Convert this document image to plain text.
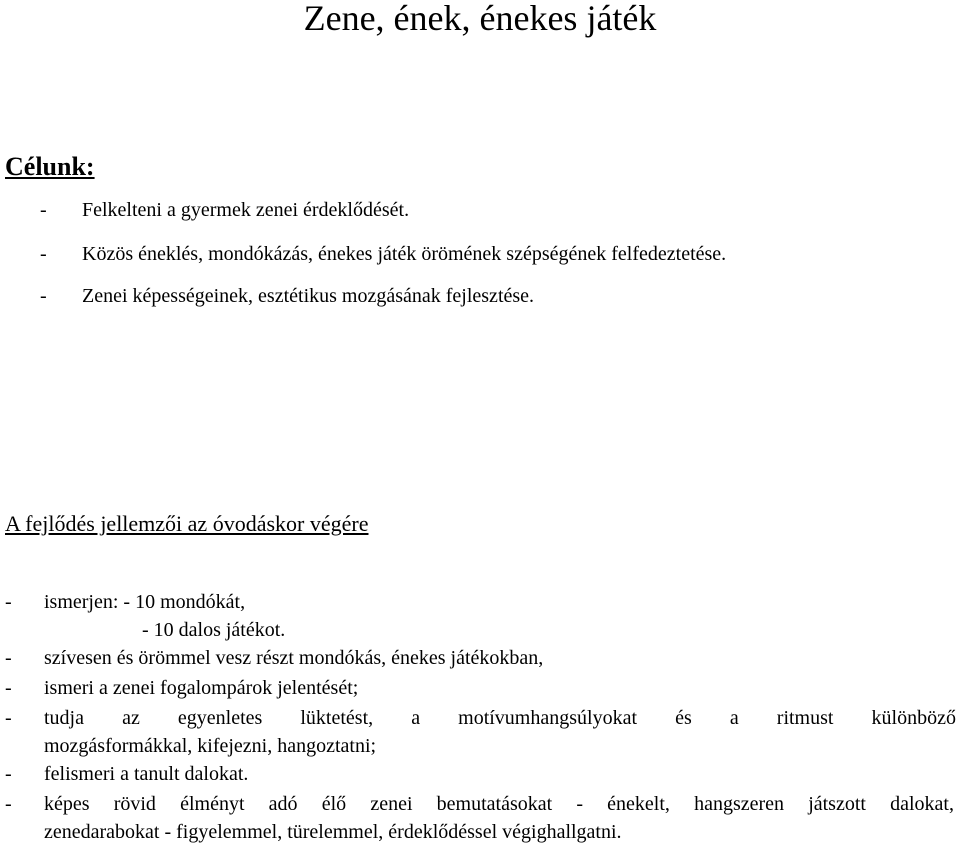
Zene, ének, énekes játék
Célunk:
- Felkelteni a gyermek zenei érdeklődését.
- Közös éneklés, mondókázás, énekes játék örömének szépségének felfedeztetése.
- Zenei képességeinek, esztétikus mozgásának fejlesztése.
A fejlődés jellemzői az óvodáskor végére
- ismerjen: - 10 mondókát,
- 10 dalos játékot.
- szívesen és örömmel vesz részt mondókás, énekes játékokban,
- ismeri a zenei fogalompárok jelentését;
- tudja az egyenletes lüktetést, a motívumhangsúlyokat és a ritmust különböző
mozgásformákkal, kifejezni, hangoztatni;
- felismeri a tanult dalokat.
- képes rövid élményt adó élő zenei bemutatásokat - énekelt, hangszeren játszott dalokat,
zenedarabokat - figyelemmel, türelemmel, érdeklődéssel végighallgatni.
